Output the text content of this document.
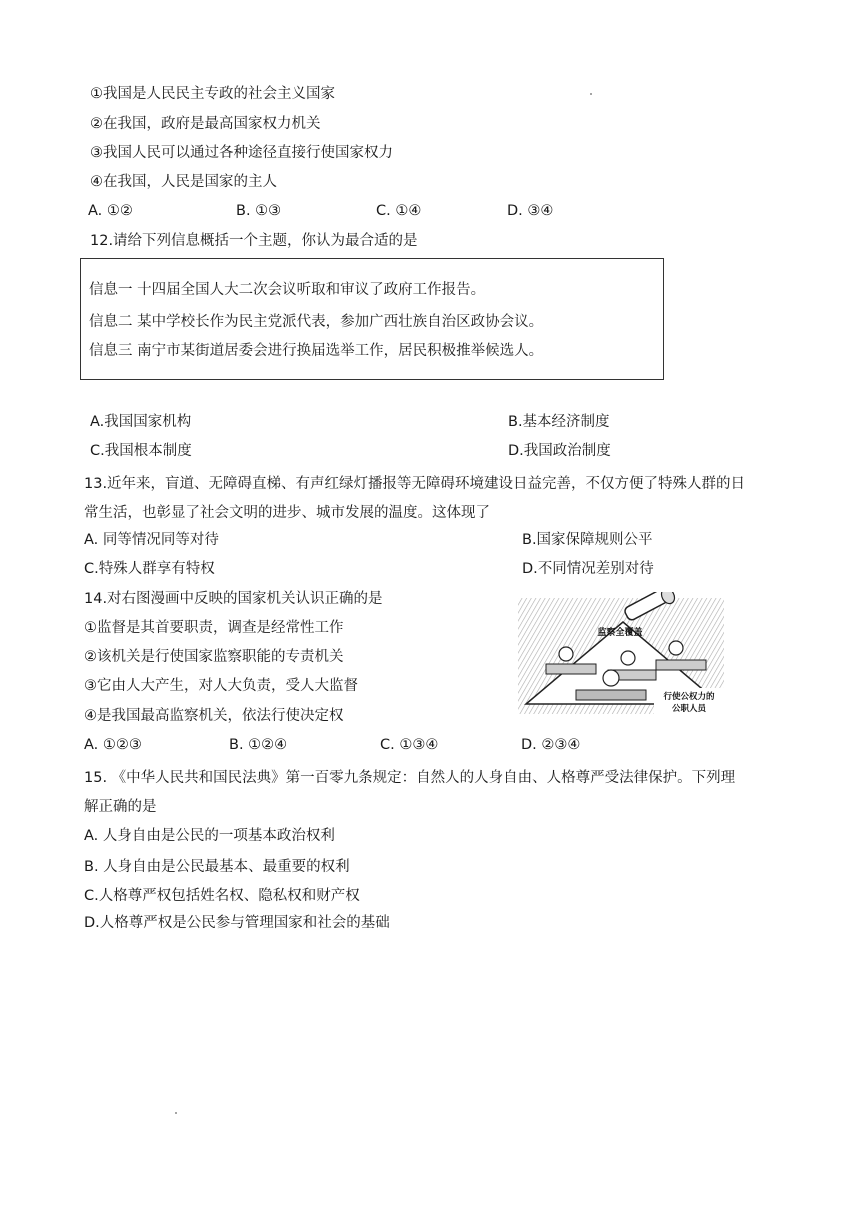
①我国是人民民主专政的社会主义国家
②在我国，政府是最高国家权力机关
③我国人民可以通过各种途径直接行使国家权力
④在我国，人民是国家的主人
A. ①②	B. ①③	C. ①④	D. ③④
12.请给下列信息概括一个主题，你认为最合适的是
信息一 十四届全国人大二次会议听取和审议了政府工作报告。
信息二 某中学校长作为民主党派代表，参加广西壮族自治区政协会议。
信息三 南宁市某街道居委会进行换届选举工作，居民积极推举候选人。
A.我国国家机构	B.基本经济制度
C.我国根本制度	D.我国政治制度
13.近年来，盲道、无障碍直梯、有声红绿灯播报等无障碍环境建设日益完善，不仅方便了特殊人群的日
常生活，也彰显了社会文明的进步、城市发展的温度。这体现了
A. 同等情况同等对待	B.国家保障规则公平
C.特殊人群享有特权	D.不同情况差别对待
14.对右图漫画中反映的国家机关认识正确的是
①监督是其首要职责，调查是经常性工作
②该机关是行使国家监察职能的专责机关
③它由人大产生，对人大负责，受人大监督
④是我国最高监察机关，依法行使决定权
A. ①②③	B. ①②④	C. ①③④	D. ②③④
监察全覆盖
行使公权力的
公职人员
15. 《中华人民共和国民法典》第一百零九条规定：自然人的人身自由、人格尊严受法律保护。下列理
解正确的是
A. 人身自由是公民的一项基本政治权利
B. 人身自由是公民最基本、最重要的权利
C.人格尊严权包括姓名权、隐私权和财产权
D.人格尊严权是公民参与管理国家和社会的基础
